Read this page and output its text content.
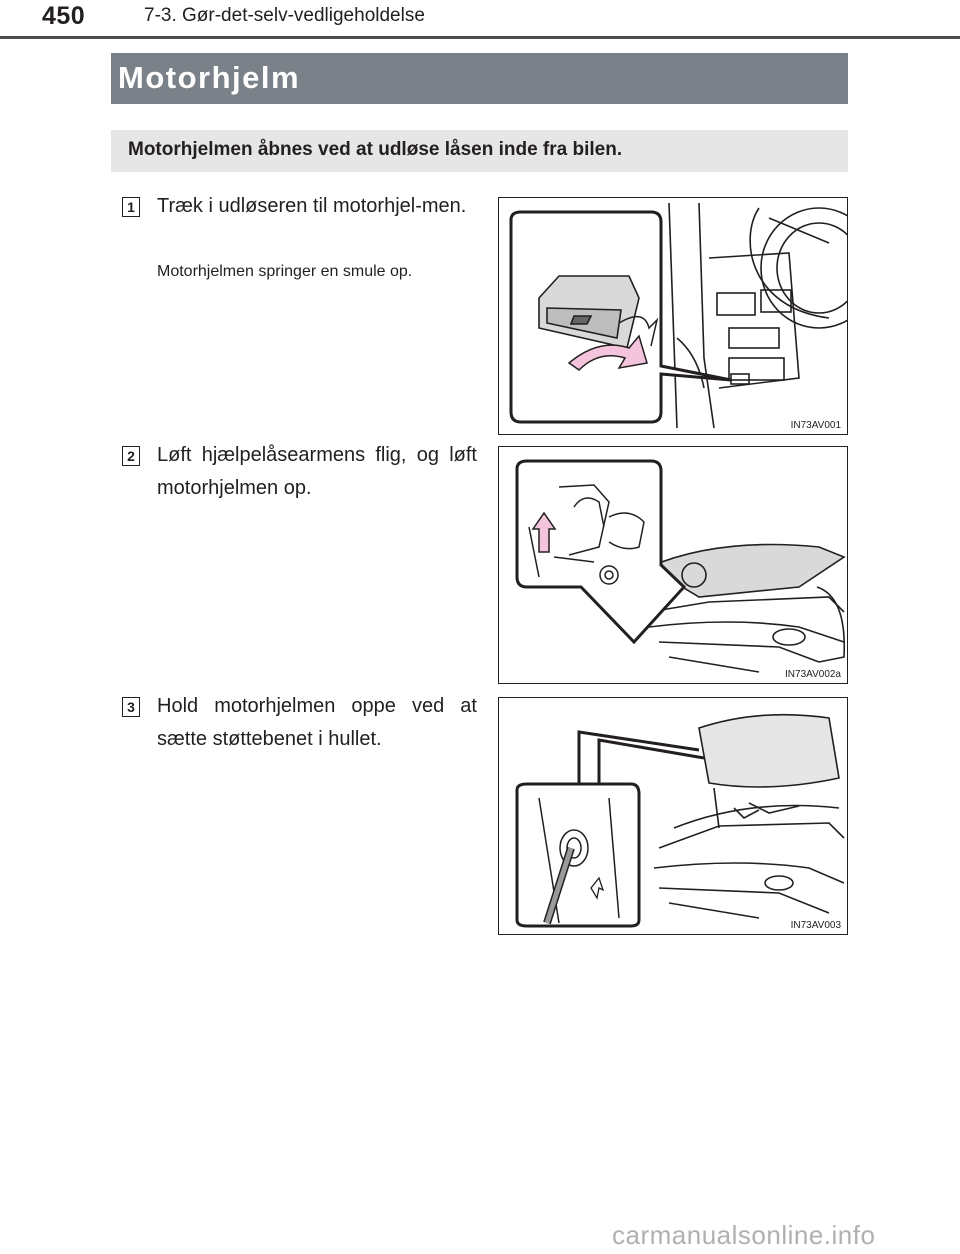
450	7-3. Gør-det-selv-vedligeholdelse
Motorhjelm
Motorhjelmen åbnes ved at udløse låsen inde fra bilen.
1 Træk i udløseren til motorhjel-men.
Motorhjelmen springer en smule op.
IN73AV001
2 Løft hjælpelåsearmens flig, og løft motorhjelmen op.
IN73AV002a
3 Hold motorhjelmen oppe ved at sætte støttebenet i hullet.
IN73AV003
carmanualsonline.info
